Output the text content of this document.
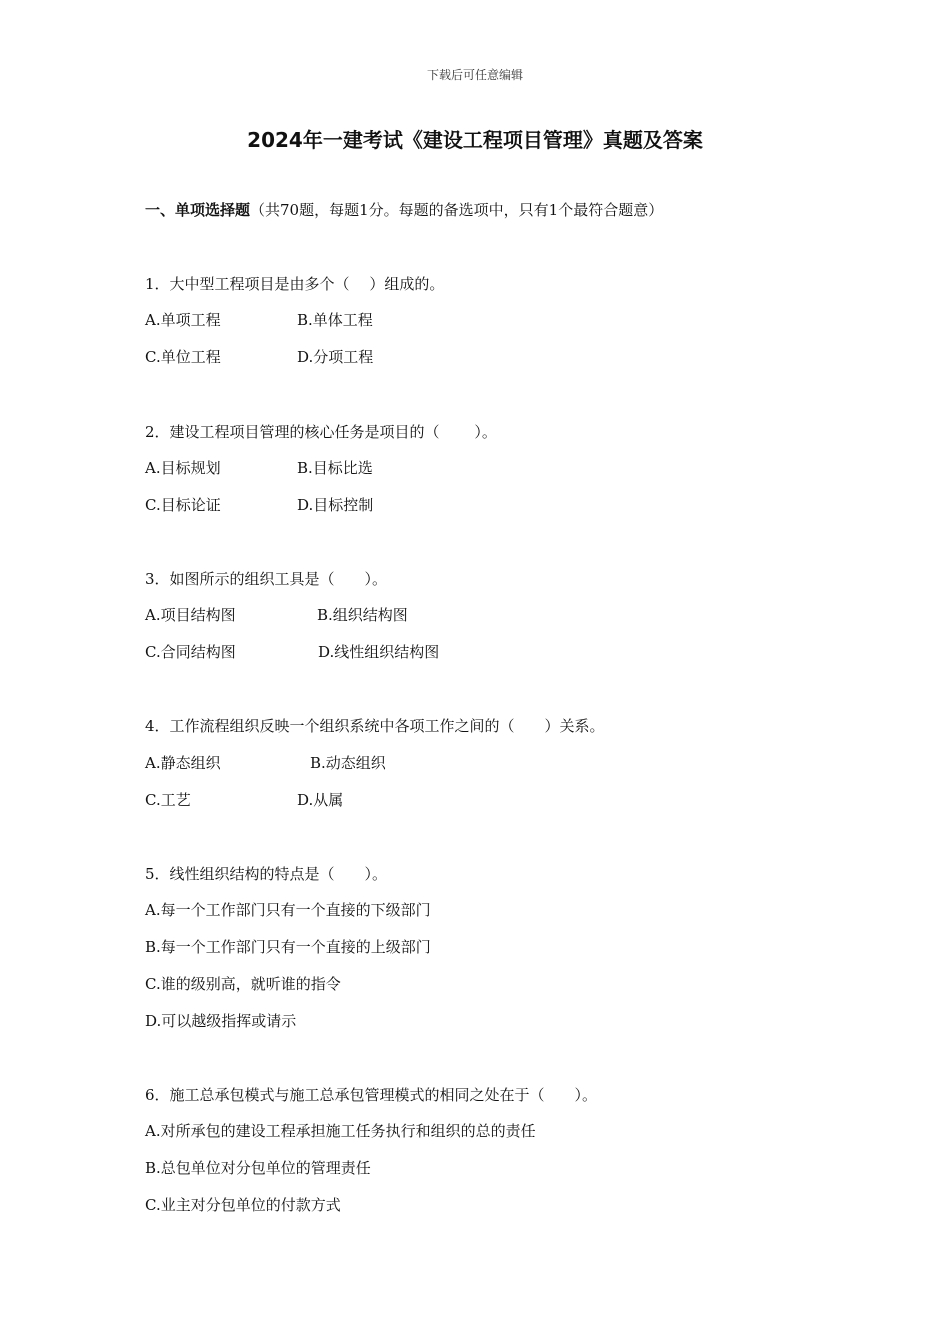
下载后可任意编辑
2024年一建考试《建设工程项目管理》真题及答案
一、单项选择题（共70题，每题1分。每题的备选项中，只有1个最符合题意）
1．大中型工程项目是由多个（　 ）组成的。
A.单项工程	B.单体工程
C.单位工程	D.分项工程
2．建设工程项目管理的核心任务是项目的（　　 ）。
A.目标规划	B.目标比选
C.目标论证	D.目标控制
3．如图所示的组织工具是（　　）。
A.项目结构图	B.组织结构图
C.合同结构图	D.线性组织结构图
4．工作流程组织反映一个组织系统中各项工作之间的（　　）关系。
A.静态组织	B.动态组织
C.工艺	D.从属
5．线性组织结构的特点是（　　）。
A.每一个工作部门只有一个直接的下级部门
B.每一个工作部门只有一个直接的上级部门
C.谁的级别高，就听谁的指令
D.可以越级指挥或请示
6．施工总承包模式与施工总承包管理模式的相同之处在于（　　）。
A.对所承包的建设工程承担施工任务执行和组织的总的责任
B.总包单位对分包单位的管理责任
C.业主对分包单位的付款方式
